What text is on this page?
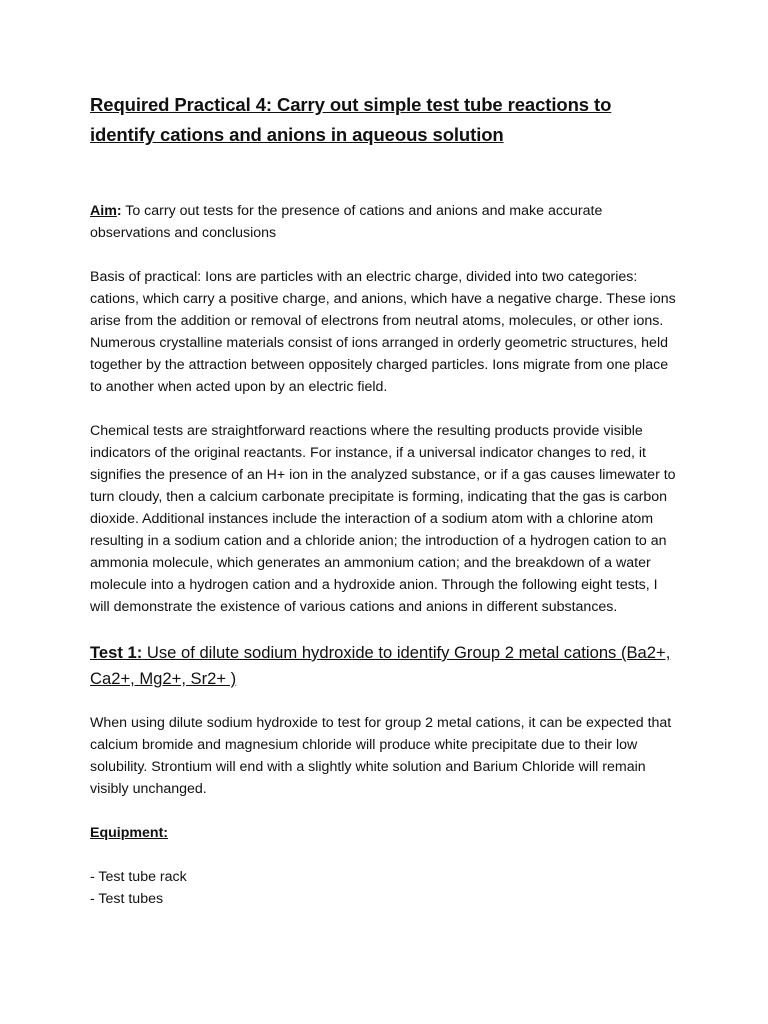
Required Practical 4: Carry out simple test tube reactions to identify cations and anions in aqueous solution
Aim: To carry out tests for the presence of cations and anions and make accurate observations and conclusions

Basis of practical: Ions are particles with an electric charge, divided into two categories: cations, which carry a positive charge, and anions, which have a negative charge. These ions arise from the addition or removal of electrons from neutral atoms, molecules, or other ions. Numerous crystalline materials consist of ions arranged in orderly geometric structures, held together by the attraction between oppositely charged particles. Ions migrate from one place to another when acted upon by an electric field.

Chemical tests are straightforward reactions where the resulting products provide visible indicators of the original reactants. For instance, if a universal indicator changes to red, it signifies the presence of an H+ ion in the analyzed substance, or if a gas causes limewater to turn cloudy, then a calcium carbonate precipitate is forming, indicating that the gas is carbon dioxide. Additional instances include the interaction of a sodium atom with a chlorine atom resulting in a sodium cation and a chloride anion; the introduction of a hydrogen cation to an ammonia molecule, which generates an ammonium cation; and the breakdown of a water molecule into a hydrogen cation and a hydroxide anion. Through the following eight tests, I will demonstrate the existence of various cations and anions in different substances.

Test 1: Use of dilute sodium hydroxide to identify Group 2 metal cations (Ba2+, Ca2+, Mg2+, Sr2+ )

When using dilute sodium hydroxide to test for group 2 metal cations, it can be expected that calcium bromide and magnesium chloride will produce white precipitate due to their low solubility. Strontium will end with a slightly white solution and Barium Chloride will remain visibly unchanged.

Equipment:
- Test tube rack
- Test tubes
